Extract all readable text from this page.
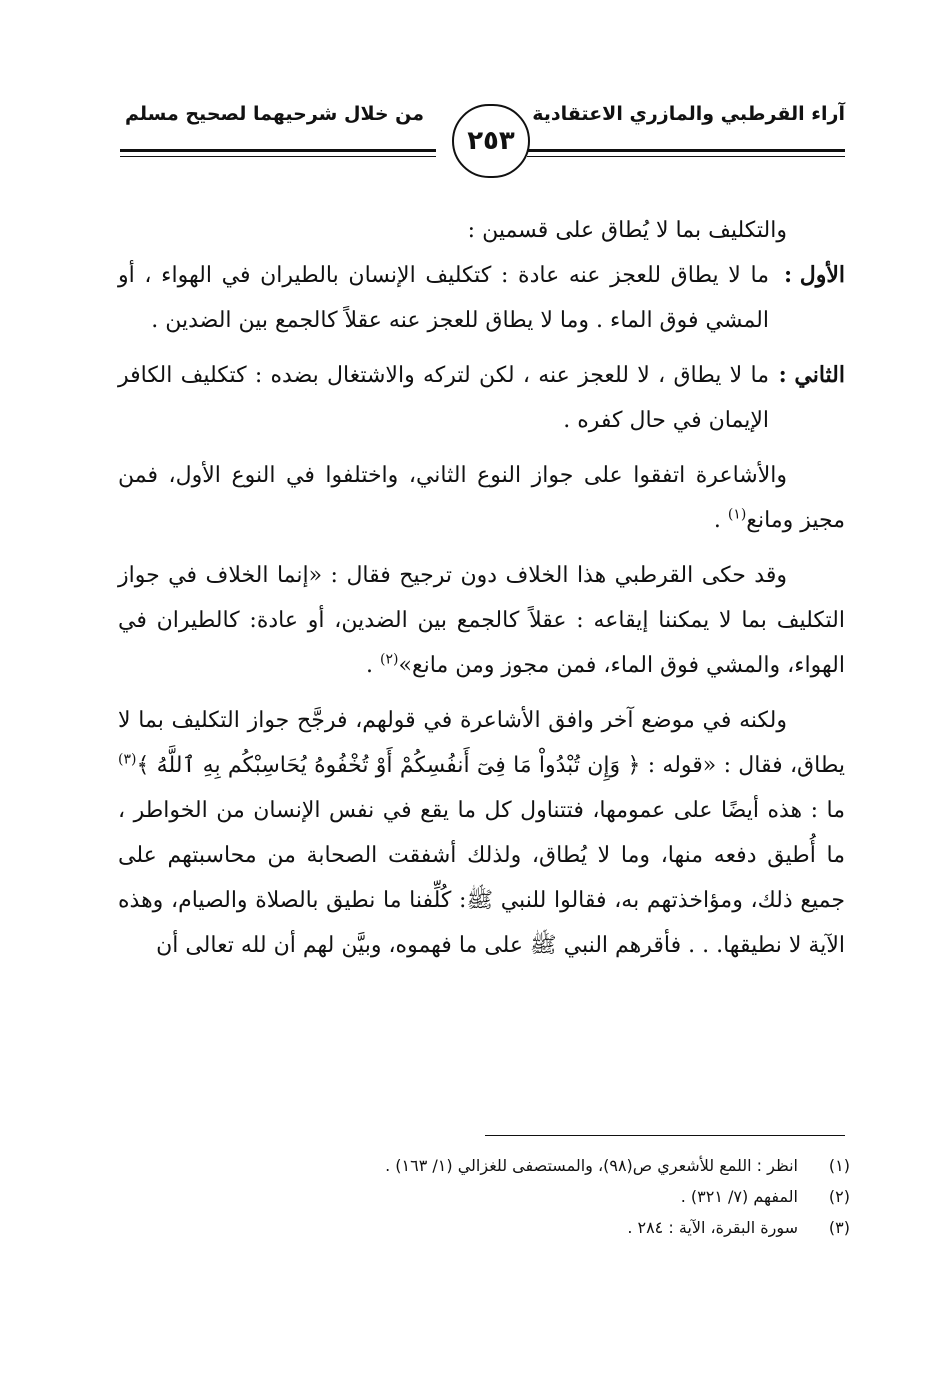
آراء القرطبي والمازري الاعتقادية
من خلال شرحيهما لصحيح مسلم
٢٥٣

والتكليف بما لا يُطاق على قسمين :

الأول :
ما لا يطاق للعجز عنه عادة : كتكليف الإنسان بالطيران في الهواء ، أو المشي فوق الماء . وما لا يطاق للعجز عنه عقلاً كالجمع بين الضدين .

الثاني :
ما لا يطاق ، لا للعجز عنه ، لكن لتركه والاشتغال بضده : كتكليف الكافر الإيمان في حال كفره .

والأشاعرة اتفقوا على جواز النوع الثاني، واختلفوا في النوع الأول، فمن مجيز ومانع$^{(١)}$ .

وقد حكى القرطبي هذا الخلاف دون ترجيح فقال : «إنما الخلاف في جواز التكليف بما لا يمكننا إيقاعه : عقلاً كالجمع بين الضدين، أو عادة: كالطيران في الهواء، والمشي فوق الماء، فمن مجوز ومن مانع»$^{(٢)}$ .

ولكنه في موضع آخر وافق الأشاعرة في قولهم، فرجَّح جواز التكليف بما لا يطاق، فقال : «قوله : ﴿ وَإِن تُبْدُواْ مَا فِىٓ أَنفُسِكُمْ أَوْ تُخْفُوهُ يُحَاسِبْكُم بِهِ ٱللَّهُ ﴾$^{(٣)}$ ما : هذه أيضًا على عمومها، فتتناول كل ما يقع في نفس الإنسان من الخواطر ، ما أُطيق دفعه منها، وما لا يُطاق، ولذلك أشفقت الصحابة من محاسبتهم على جميع ذلك، ومؤاخذتهم به، فقالوا للنبي ﷺ: كُلِّفنا ما نطيق بالصلاة والصيام، وهذه الآية لا نطيقها. . . فأقرهم النبي ﷺ على ما فهموه، وبيَّن لهم أن لله تعالى أن

(١)
انظر : اللمع للأشعري ص(٩٨)، والمستصفى للغزالي (١/ ١٦٣) .
(٢)
المفهم (٧/ ٣٢١) .
(٣)
سورة البقرة، الآية : ٢٨٤ .
